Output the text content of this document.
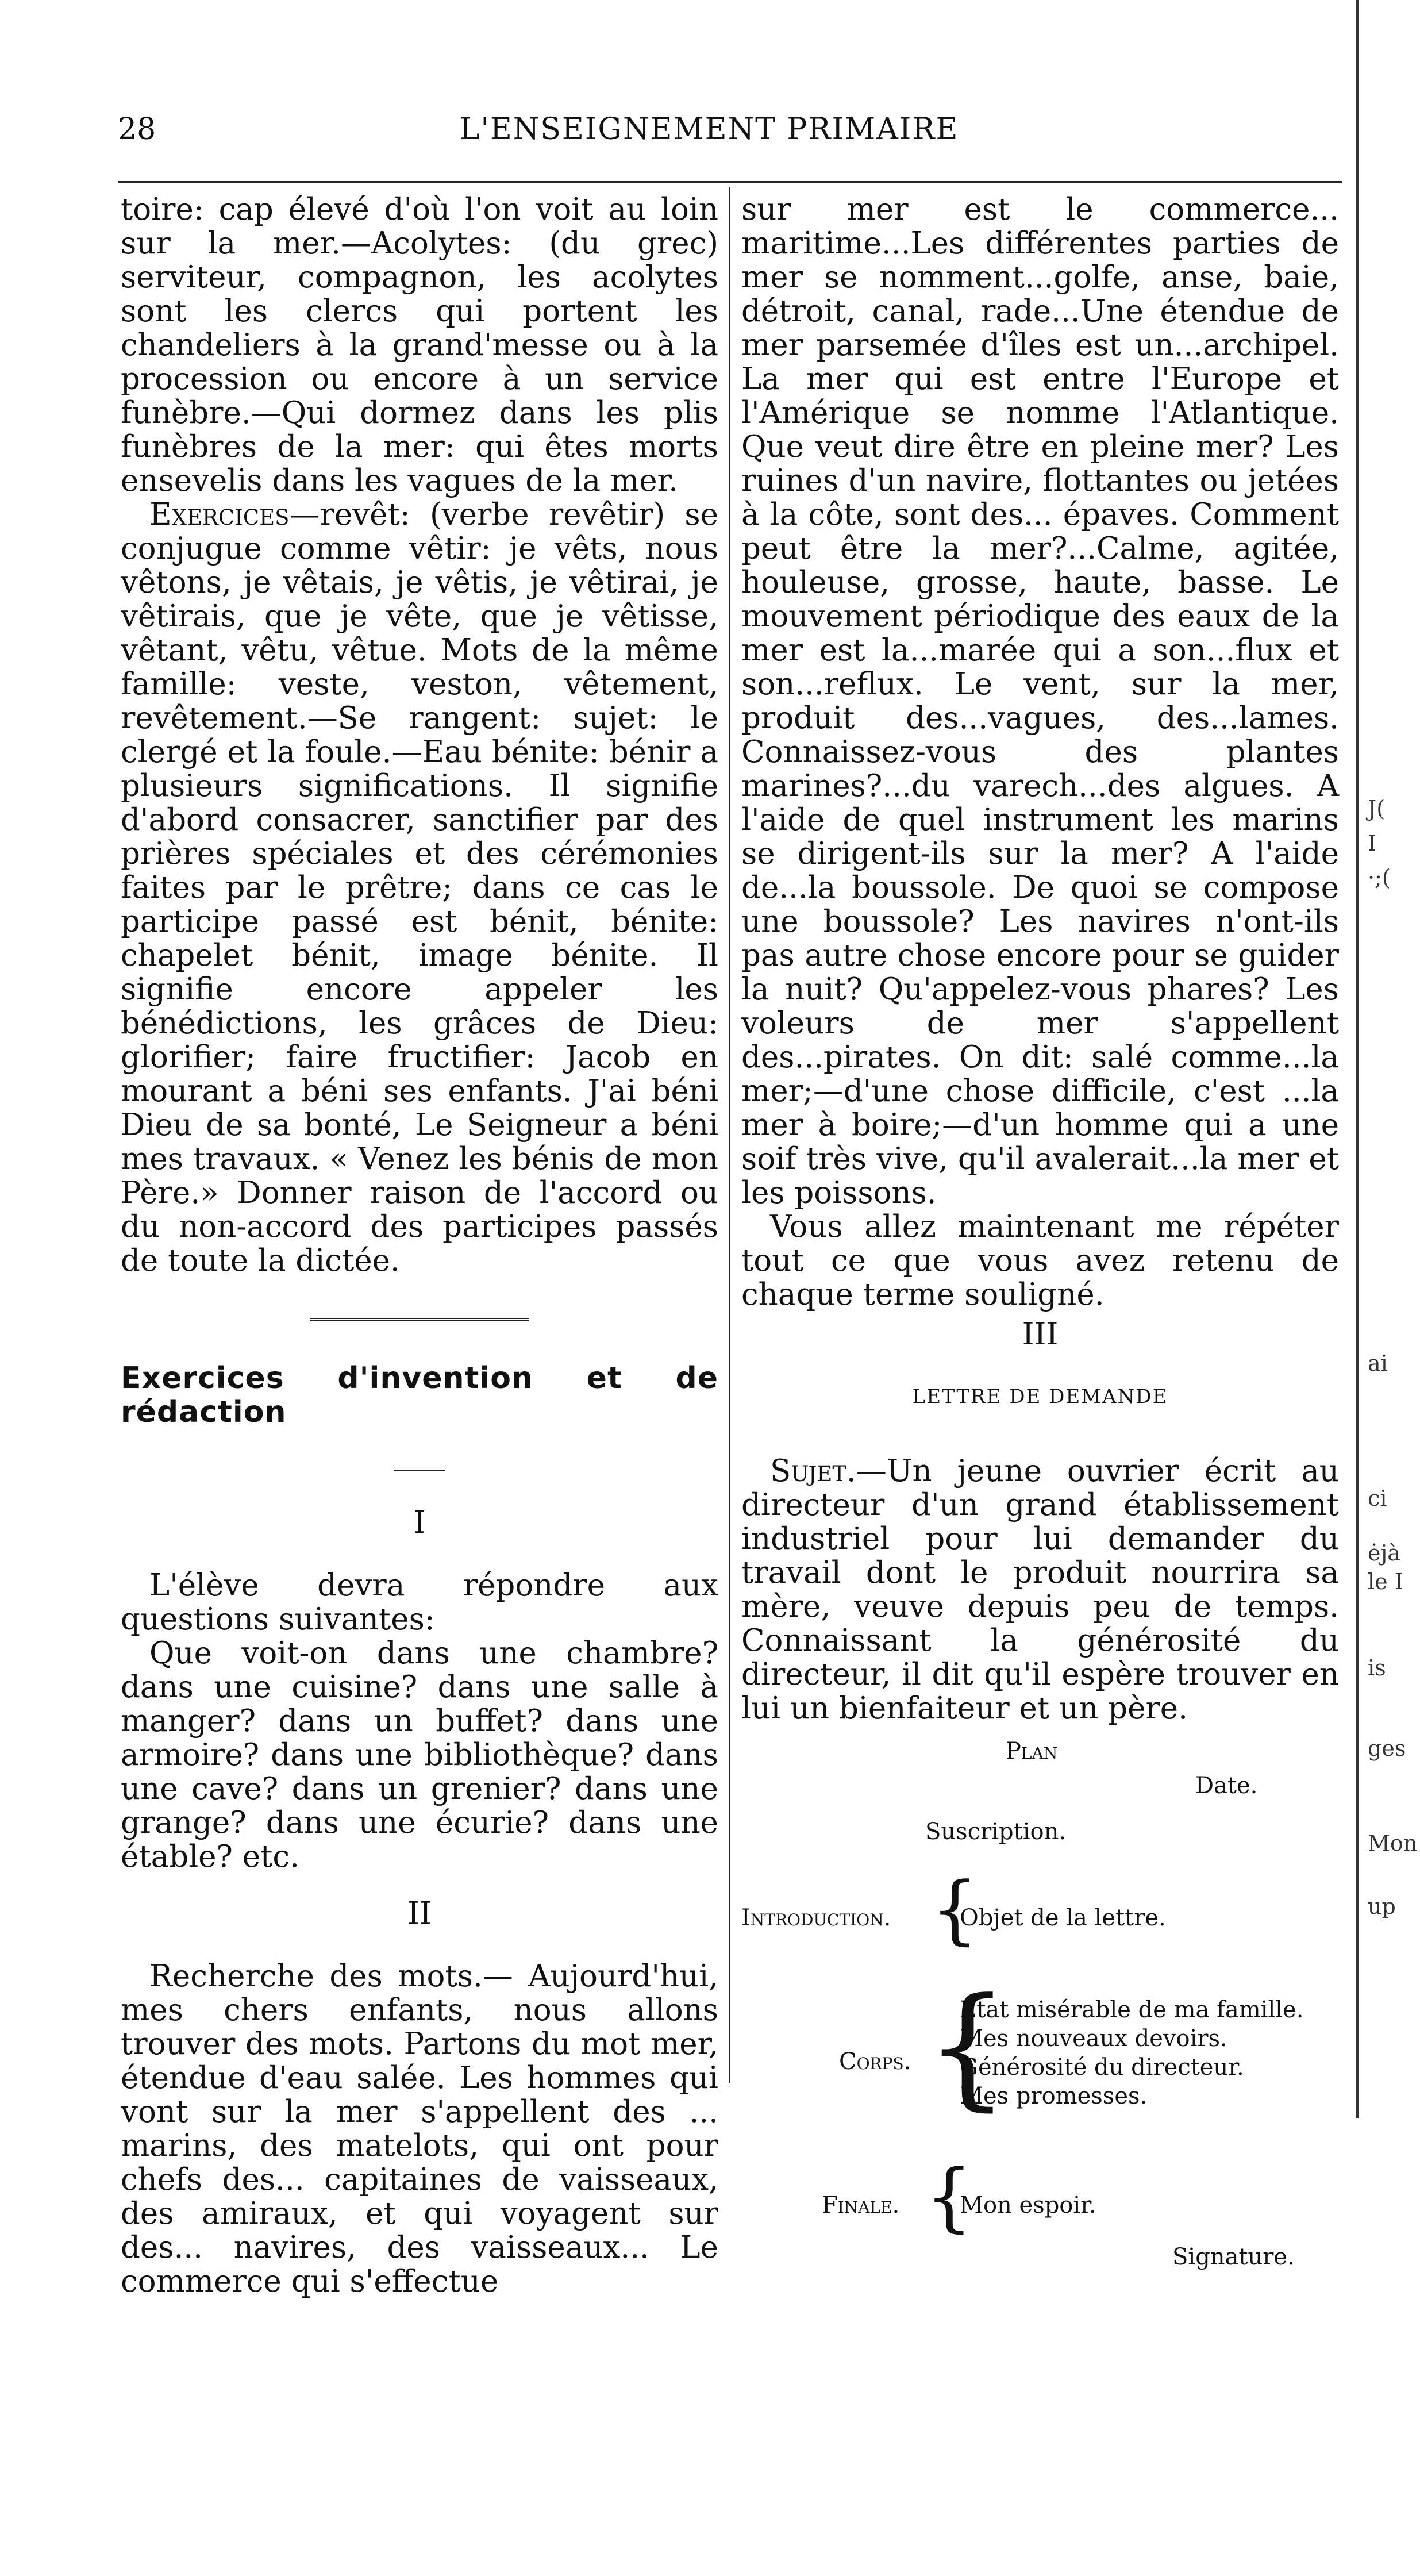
28	L'ENSEIGNEMENT PRIMAIRE

toire: cap élevé d'où l'on voit au loin sur la mer.—Acolytes: (du grec) serviteur, compagnon, les acolytes sont les clercs qui portent les chandeliers à la grand'messe ou à la procession ou encore à un service funèbre.—Qui dormez dans les plis funèbres de la mer: qui êtes morts ensevelis dans les vagues de la mer.

Exercices—revêt: (verbe revêtir) se conjugue comme vêtir: je vêts, nous vêtons, je vêtais, je vêtis, je vêtirai, je vêtirais, que je vête, que je vêtisse, vêtant, vêtu, vêtue. Mots de la même famille: veste, veston, vêtement, revêtement.—Se rangent: sujet: le clergé et la foule.—Eau bénite: bénir a plusieurs significations. Il signifie d'abord consacrer, sanctifier par des prières spéciales et des cérémonies faites par le prêtre; dans ce cas le participe passé est bénit, bénite: chapelet bénit, image bénite. Il signifie encore appeler les bénédictions, les grâces de Dieu: glorifier; faire fructifier: Jacob en mourant a béni ses enfants. J'ai béni Dieu de sa bonté, Le Seigneur a béni mes travaux. « Venez les bénis de mon Père.» Donner raison de l'accord ou du non-accord des participes passés de toute la dictée.

Exercices d'invention et de rédaction

I

L'élève devra répondre aux questions suivantes:

Que voit-on dans une chambre? dans une cuisine? dans une salle à manger? dans un buffet? dans une armoire? dans une bibliothèque? dans une cave? dans un grenier? dans une grange? dans une écurie? dans une étable? etc.

II

Recherche des mots.— Aujourd'hui, mes chers enfants, nous allons trouver des mots. Partons du mot mer, étendue d'eau salée. Les hommes qui vont sur la mer s'appellent des ... marins, des matelots, qui ont pour chefs des... capitaines de vaisseaux, des amiraux, et qui voyagent sur des... navires, des vaisseaux... Le commerce qui s'effectue

sur mer est le commerce... maritime...Les différentes parties de mer se nomment...golfe, anse, baie, détroit, canal, rade...Une étendue de mer parsemée d'îles est un...archipel. La mer qui est entre l'Europe et l'Amérique se nomme l'Atlantique. Que veut dire être en pleine mer? Les ruines d'un navire, flottantes ou jetées à la côte, sont des... épaves. Comment peut être la mer?...Calme, agitée, houleuse, grosse, haute, basse. Le mouvement périodique des eaux de la mer est la...marée qui a son...flux et son...reflux. Le vent, sur la mer, produit des...vagues, des...lames. Connaissez-vous des plantes marines?...du varech...des algues. A l'aide de quel instrument les marins se dirigent-ils sur la mer? A l'aide de...la boussole. De quoi se compose une boussole? Les navires n'ont-ils pas autre chose encore pour se guider la nuit? Qu'appelez-vous phares? Les voleurs de mer s'appellent des...pirates. On dit: salé comme...la mer;—d'une chose difficile, c'est ...la mer à boire;—d'un homme qui a une soif très vive, qu'il avalerait...la mer et les poissons.

Vous allez maintenant me répéter tout ce que vous avez retenu de chaque terme souligné.

III

LETTRE DE DEMANDE

Sujet.—Un jeune ouvrier écrit au directeur d'un grand établissement industriel pour lui demander du travail dont le produit nourrira sa mère, veuve depuis peu de temps. Connaissant la générosité du directeur, il dit qu'il espère trouver en lui un bienfaiteur et un père.

Plan
Date.
Suscription.
Introduction. {
Objet de la lettre.
Corps. {
Etat misérable de ma famille.
Mes nouveaux devoirs.
Générosité du directeur.
Mes promesses.
Finale. {
Mon espoir.
Signature.
J(
I
·;(
ai
ci
ėjà
le I
is
ges
Mon
up
